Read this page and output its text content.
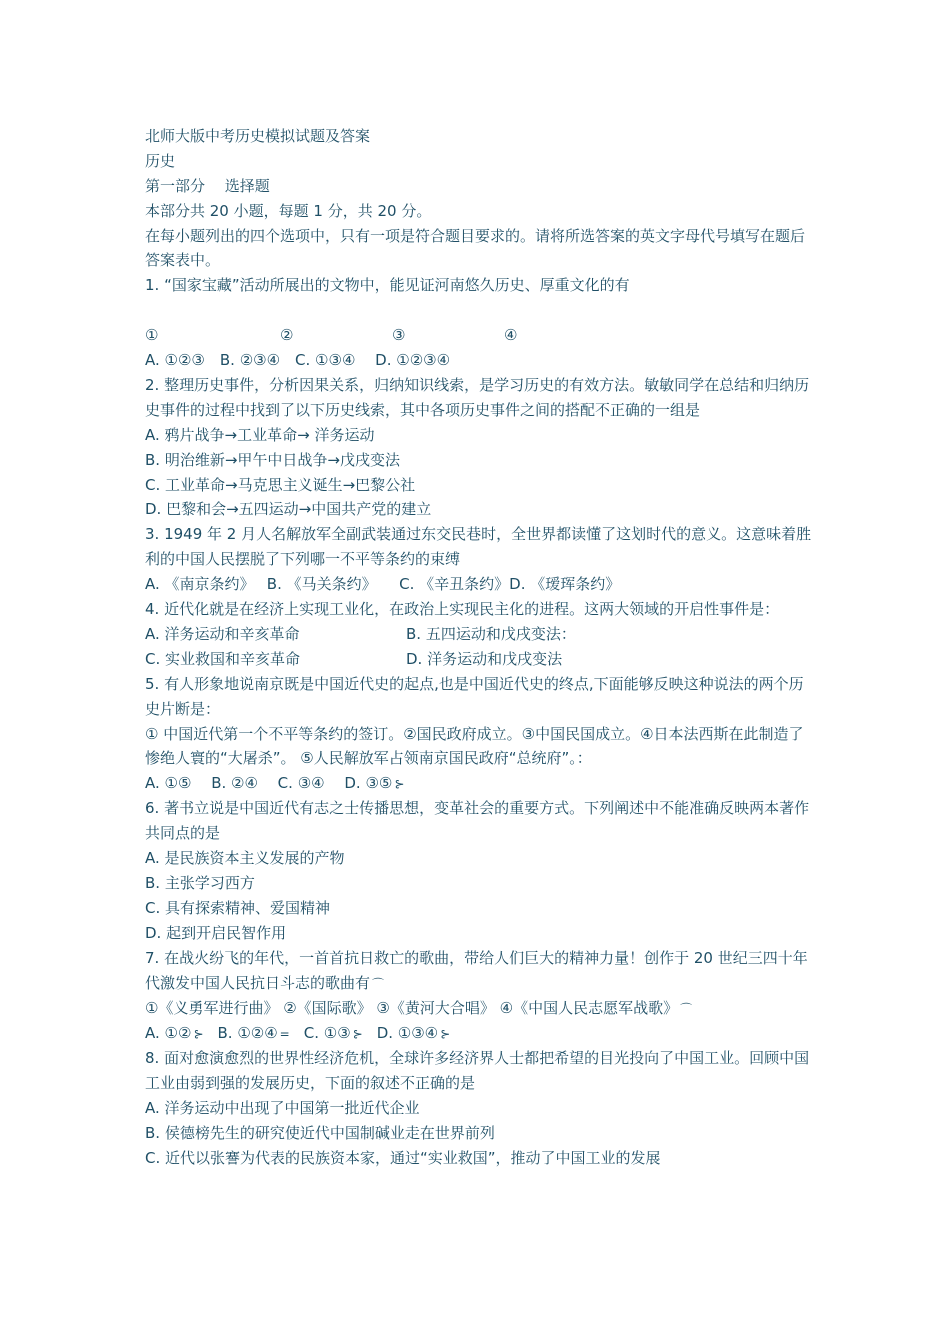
北师大版中考历史模拟试题及答案
历史
第一部分　 选择题
本部分共 20 小题，每题 1 分，共 20 分。
在每小题列出的四个选项中，只有一项是符合题目要求的。请将所选答案的英文字母代号填写在题后答案表中。
1. “国家宝藏”活动所展出的文物中，能见证河南悠久历史、厚重文化的有
①	②	③	④
A. ①②③　B. ②③④　C. ①③④　 D. ①②③④
2. 整理历史事件，分析因果关系，归纳知识线索，是学习历史的有效方法。敏敏同学在总结和归纳历史事件的过程中找到了以下历史线索，其中各项历史事件之间的搭配不正确的一组是
A. 鸦片战争→工业革命→ 洋务运动
B. 明治维新→甲午中日战争→戊戌变法
C. 工业革命→马克思主义诞生→巴黎公社
D. 巴黎和会→五四运动→中国共产党的建立
3. 1949 年 2 月人名解放军全副武装通过东交民巷时，全世界都读懂了这划时代的意义。这意味着胜利的中国人民摆脱了下列哪一不平等条约的束缚
A. 《南京条约》　 B. 《马关条约》　　C. 《辛丑条约》D. 《瑷珲条约》
4. 近代化就是在经济上实现工业化，在政治上实现民主化的进程。这两大领域的开启性事件是：
A. 洋务运动和辛亥革命	B. 五四运动和戊戌变法：
C. 实业救国和辛亥革命	D. 洋务运动和戊戌变法
5. 有人形象地说南京既是中国近代史的起点,也是中国近代史的终点,下面能够反映这种说法的两个历史片断是：
① 中国近代第一个不平等条约的签订。②国民政府成立。③中国民国成立。④日本法西斯在此制造了惨绝人寰的“大屠杀”。 ⑤人民解放军占领南京国民政府“总统府”。：
A. ①⑤　 B. ②④　 C. ③④　 D. ③⑤ ⊱
6. 著书立说是中国近代有志之士传播思想，变革社会的重要方式。下列阐述中不能准确反映两本著作共同点的是
A. 是民族资本主义发展的产物
B. 主张学习西方
C. 具有探索精神、爱国精神
D. 起到开启民智作用
7. 在战火纷飞的年代，一首首抗日救亡的歌曲，带给人们巨大的精神力量！创作于 20 世纪三四十年代激发中国人民抗日斗志的歌曲有 ⌒
①《义勇军进行曲》 ②《国际歌》 ③《黄河大合唱》 ④《中国人民志愿军战歌》 ⌒
A. ①② ⊱　B. ①②④ =　C. ①③ ⊱　D. ①③④ ⊱
8. 面对愈演愈烈的世界性经济危机，全球许多经济界人士都把希望的目光投向了中国工业。回顾中国工业由弱到强的发展历史，下面的叙述不正确的是
A. 洋务运动中出现了中国第一批近代企业
B. 侯德榜先生的研究使近代中国制碱业走在世界前列
C. 近代以张謇为代表的民族资本家，通过“实业救国”，推动了中国工业的发展
